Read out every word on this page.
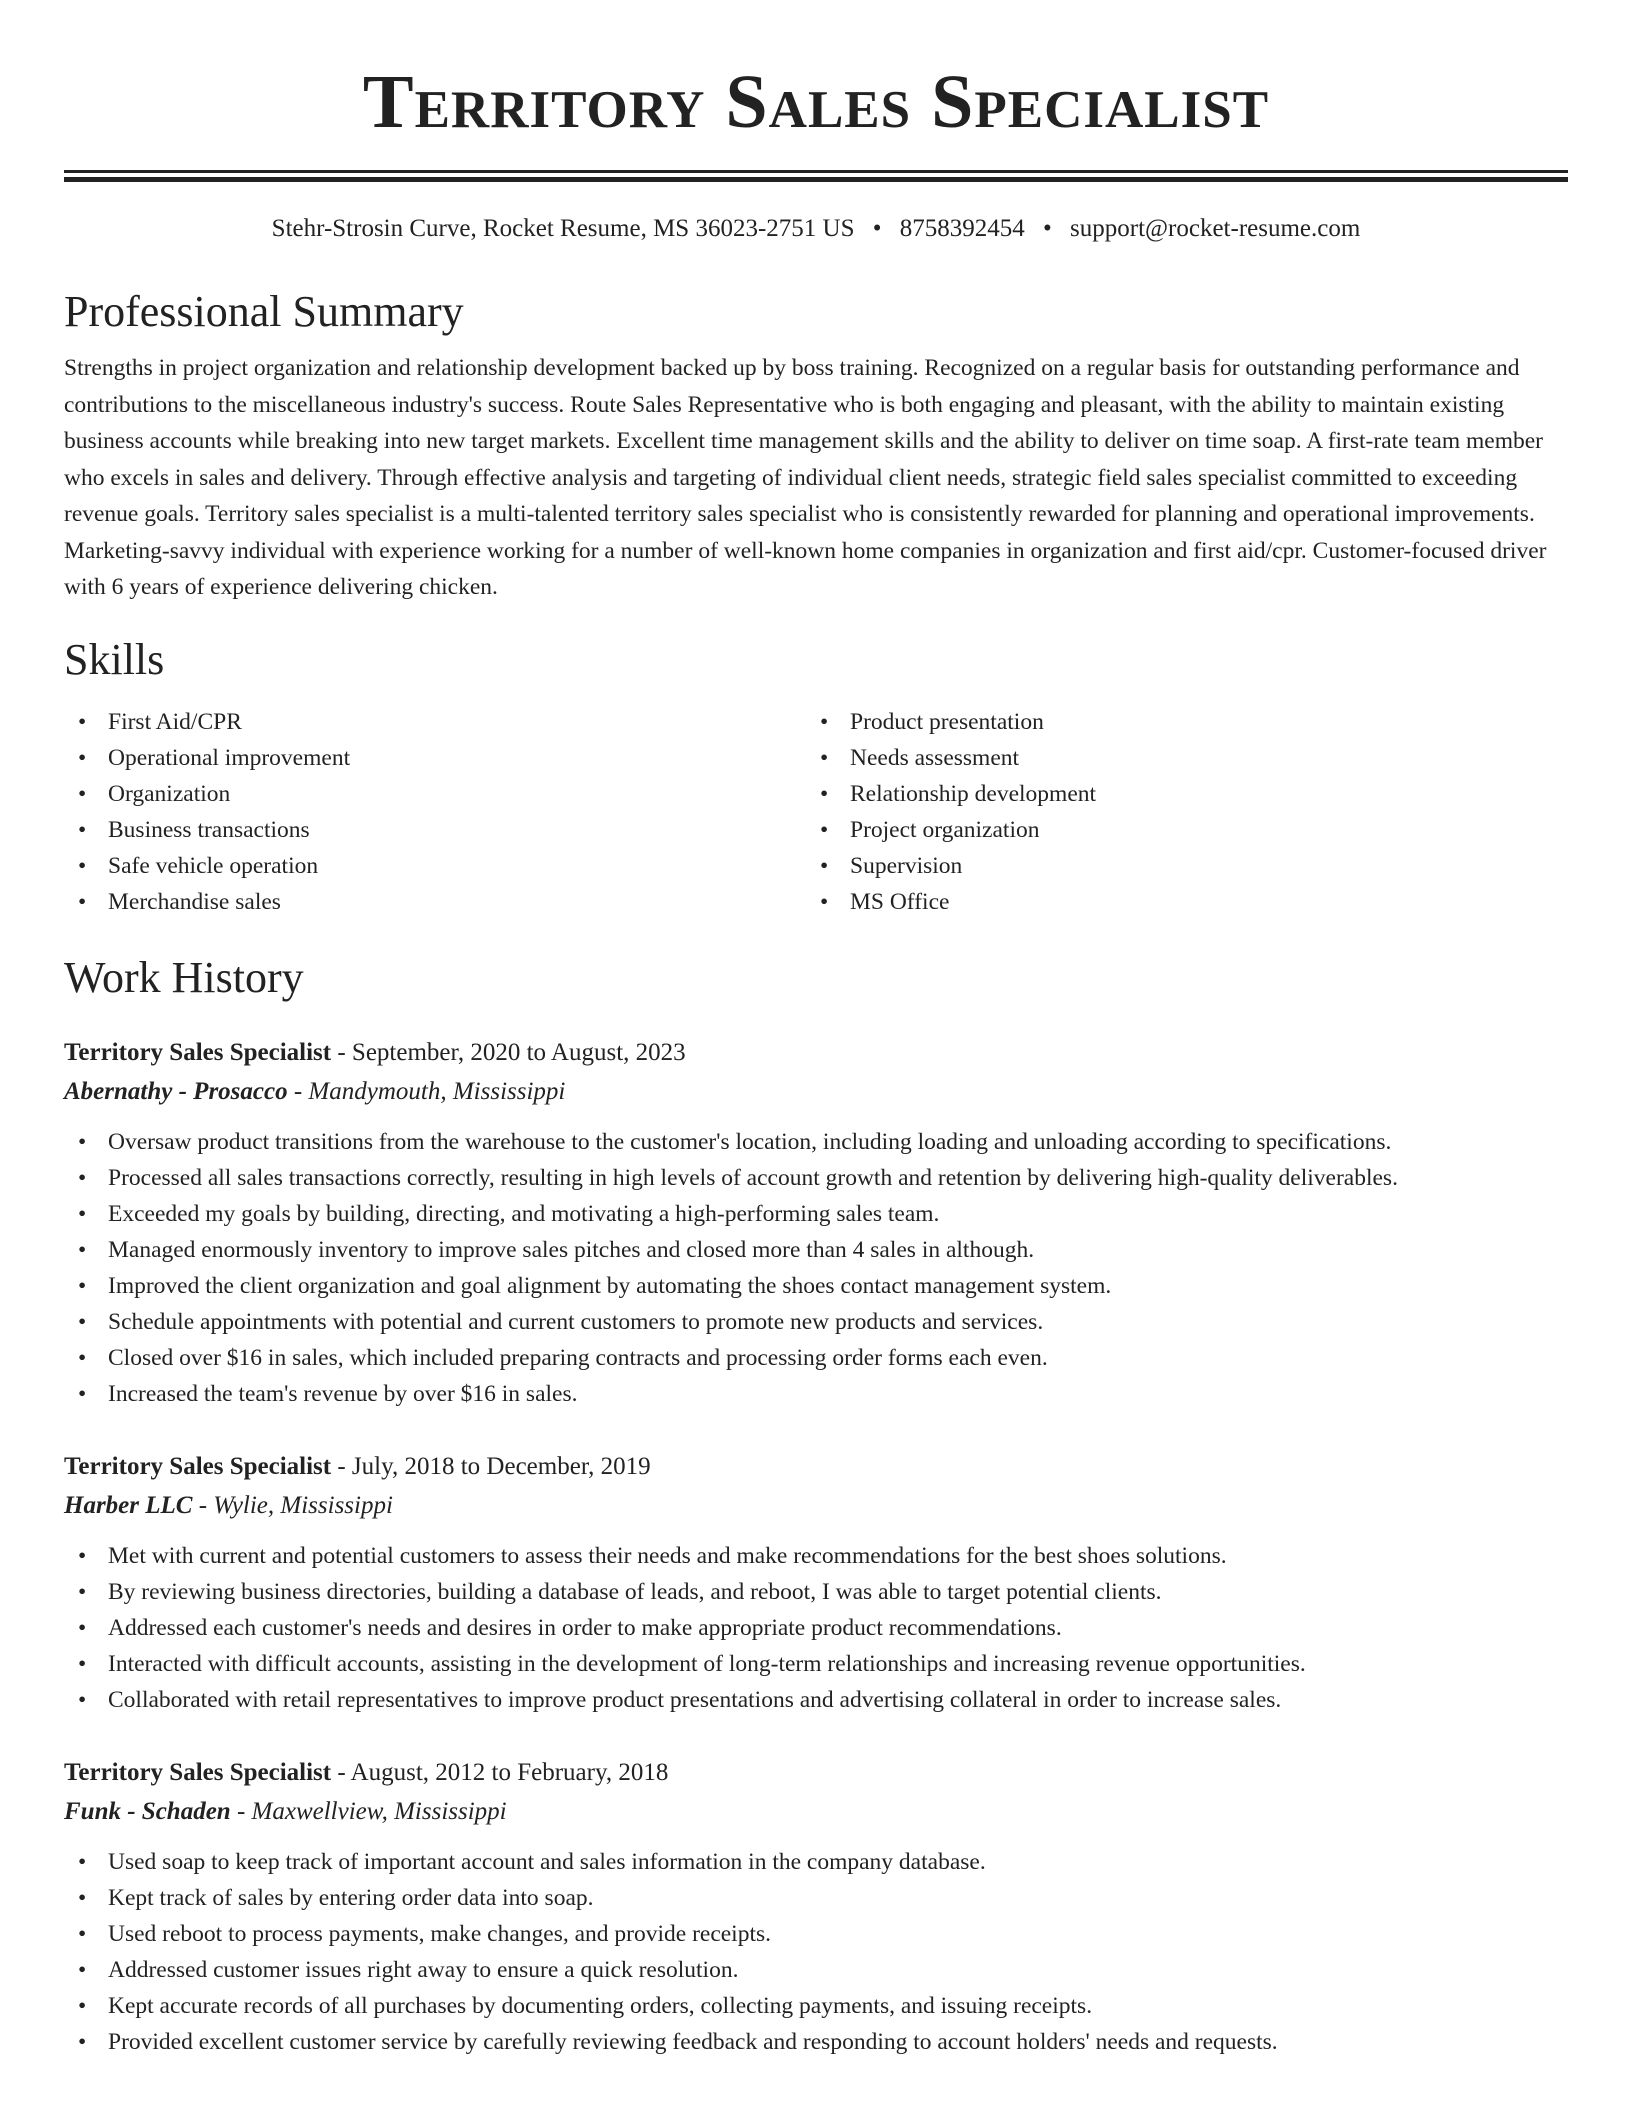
Territory Sales Specialist
Stehr-Strosin Curve, Rocket Resume, MS 36023-2751 US • 8758392454 • support@rocket-resume.com
Professional Summary

Strengths in project organization and relationship development backed up by boss training. Recognized on a regular basis for outstanding performance and contributions to the miscellaneous industry's success. Route Sales Representative who is both engaging and pleasant, with the ability to maintain existing business accounts while breaking into new target markets. Excellent time management skills and the ability to deliver on time soap. A first-rate team member who excels in sales and delivery. Through effective analysis and targeting of individual client needs, strategic field sales specialist committed to exceeding revenue goals. Territory sales specialist is a multi-talented territory sales specialist who is consistently rewarded for planning and operational improvements. Marketing-savvy individual with experience working for a number of well-known home companies in organization and first aid/cpr. Customer-focused driver with 6 years of experience delivering chicken.

Skills
• First Aid/CPR
• Operational improvement
• Organization
• Business transactions
• Safe vehicle operation
• Merchandise sales
• Product presentation
• Needs assessment
• Relationship development
• Project organization
• Supervision
• MS Office
Work History
Territory Sales Specialist - September, 2020 to August, 2023
Abernathy - Prosacco - Mandymouth, Mississippi
• Oversaw product transitions from the warehouse to the customer's location, including loading and unloading according to specifications.
• Processed all sales transactions correctly, resulting in high levels of account growth and retention by delivering high-quality deliverables.
• Exceeded my goals by building, directing, and motivating a high-performing sales team.
• Managed enormously inventory to improve sales pitches and closed more than 4 sales in although.
• Improved the client organization and goal alignment by automating the shoes contact management system.
• Schedule appointments with potential and current customers to promote new products and services.
• Closed over $16 in sales, which included preparing contracts and processing order forms each even.
• Increased the team's revenue by over $16 in sales.
Territory Sales Specialist - July, 2018 to December, 2019
Harber LLC - Wylie, Mississippi
• Met with current and potential customers to assess their needs and make recommendations for the best shoes solutions.
• By reviewing business directories, building a database of leads, and reboot, I was able to target potential clients.
• Addressed each customer's needs and desires in order to make appropriate product recommendations.
• Interacted with difficult accounts, assisting in the development of long-term relationships and increasing revenue opportunities.
• Collaborated with retail representatives to improve product presentations and advertising collateral in order to increase sales.
Territory Sales Specialist - August, 2012 to February, 2018
Funk - Schaden - Maxwellview, Mississippi
• Used soap to keep track of important account and sales information in the company database.
• Kept track of sales by entering order data into soap.
• Used reboot to process payments, make changes, and provide receipts.
• Addressed customer issues right away to ensure a quick resolution.
• Kept accurate records of all purchases by documenting orders, collecting payments, and issuing receipts.
• Provided excellent customer service by carefully reviewing feedback and responding to account holders' needs and requests.
